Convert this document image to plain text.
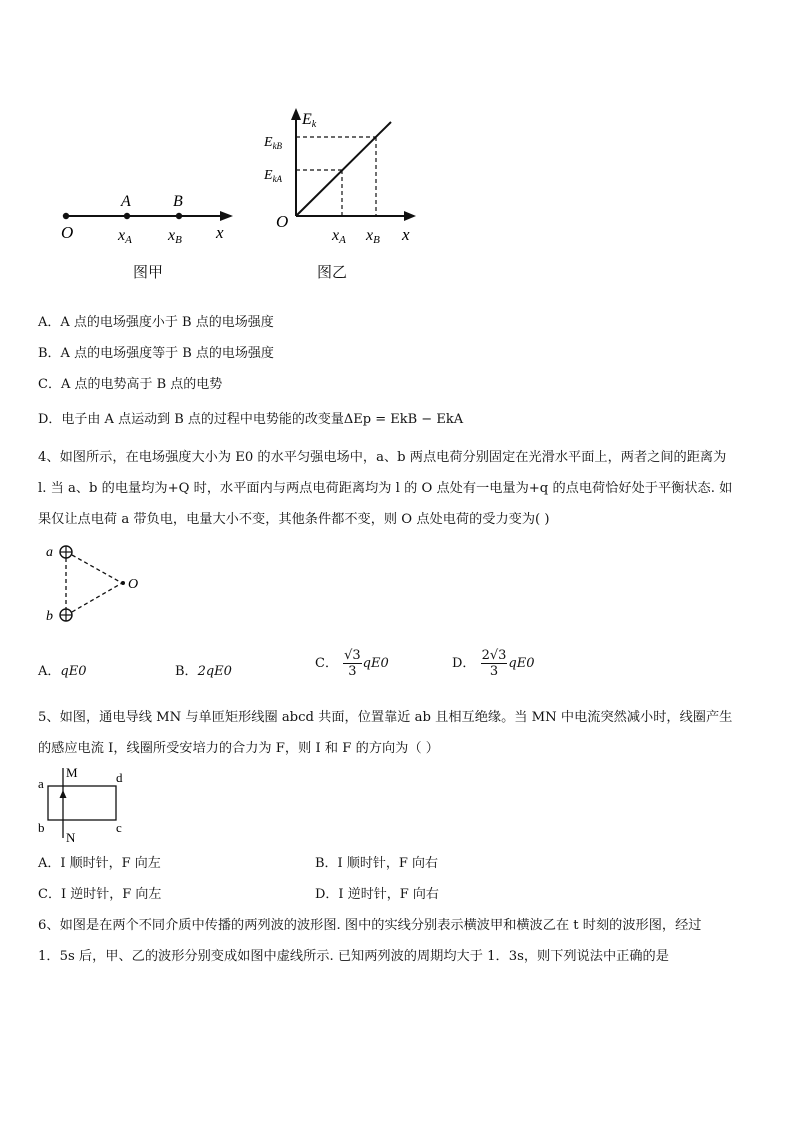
A	B
O	xA xB x
图甲
Ek
$E_{kB}$
$E_{kA}$
O
xA xB x
图乙
A．A 点的电场强度小于 B 点的电场强度
B．A 点的电场强度等于 B 点的电场强度
C．A 点的电势高于 B 点的电势
D．电子由 A 点运动到 B 点的过程中电势能的改变量ΔEp = EkB − EkA
4、如图所示，在电场强度大小为 E0 的水平匀强电场中，a、b 两点电荷分别固定在光滑水平面上，两者之间的距离为
l. 当 a、b 的电量均为+Q 时，水平面内与两点电荷距离均为 l 的 O 点处有一电量为+q 的点电荷恰好处于平衡状态. 如
果仅让点电荷 a 带负电，电量大小不变，其他条件都不变，则 O 点处电荷的受力变为( )
a
b
O
A．qE0	B．2qE0
C． $\frac{√3}{3} qE0$	D． $\frac{2√3}{3} qE0$
5、如图，通电导线 MN 与单匝矩形线圈 abcd 共面，位置靠近 ab 且相互绝缘。当 MN 中电流突然减小时，线圈产生
的感应电流 I，线圈所受安培力的合力为 F，则 I 和 F 的方向为（ ）
M
N
a
b	c
d
A．I 顺时针，F 向左	B．I 顺时针，F 向右
C．I 逆时针，F 向左	D．I 逆时针，F 向右
6、如图是在两个不同介质中传播的两列波的波形图. 图中的实线分别表示横波甲和横波乙在 t 时刻的波形图，经过
1．5s 后，甲、乙的波形分别变成如图中虚线所示. 已知两列波的周期均大于 1．3s，则下列说法中正确的是
